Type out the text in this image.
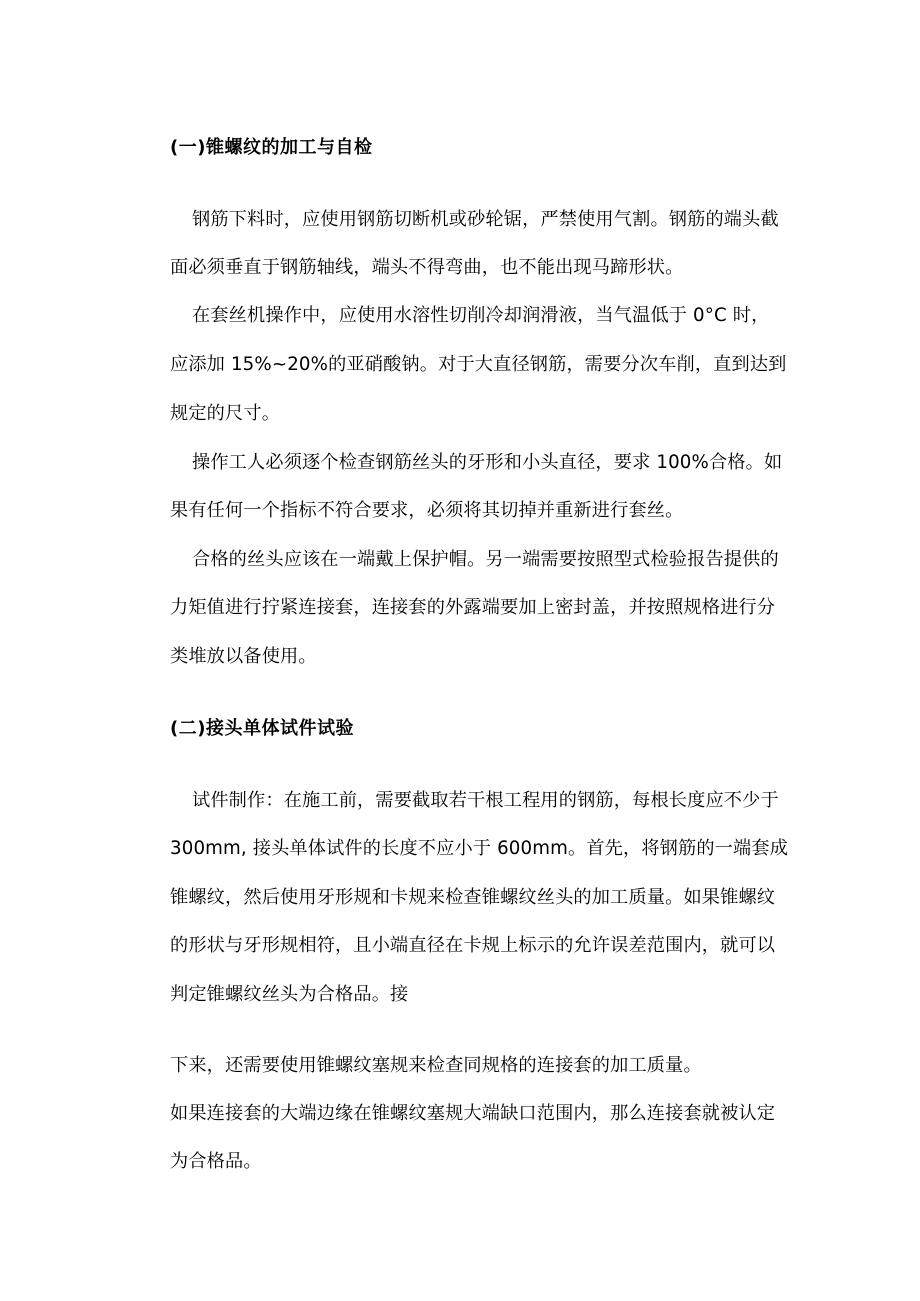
(一)锥螺纹的加工与自检
钢筋下料时，应使用钢筋切断机或砂轮锯，严禁使用气割。钢筋的端头截
面必须垂直于钢筋轴线，端头不得弯曲，也不能出现马蹄形状。
在套丝机操作中，应使用水溶性切削冷却润滑液，当气温低于 0°C 时，
应添加 15%~20%的亚硝酸钠。对于大直径钢筋，需要分次车削，直到达到
规定的尺寸。
操作工人必须逐个检查钢筋丝头的牙形和小头直径，要求 100%合格。如
果有任何一个指标不符合要求，必须将其切掉并重新进行套丝。
合格的丝头应该在一端戴上保护帽。另一端需要按照型式检验报告提供的
力矩值进行拧紧连接套，连接套的外露端要加上密封盖，并按照规格进行分
类堆放以备使用。
(二)接头单体试件试验
试件制作：在施工前，需要截取若干根工程用的钢筋，每根长度应不少于
300mm, 接头单体试件的长度不应小于 600mm。首先，将钢筋的一端套成
锥螺纹，然后使用牙形规和卡规来检查锥螺纹丝头的加工质量。如果锥螺纹
的形状与牙形规相符，且小端直径在卡规上标示的允许误差范围内，就可以
判定锥螺纹丝头为合格品。接
下来，还需要使用锥螺纹塞规来检查同规格的连接套的加工质量。
如果连接套的大端边缘在锥螺纹塞规大端缺口范围内，那么连接套就被认定
为合格品。
